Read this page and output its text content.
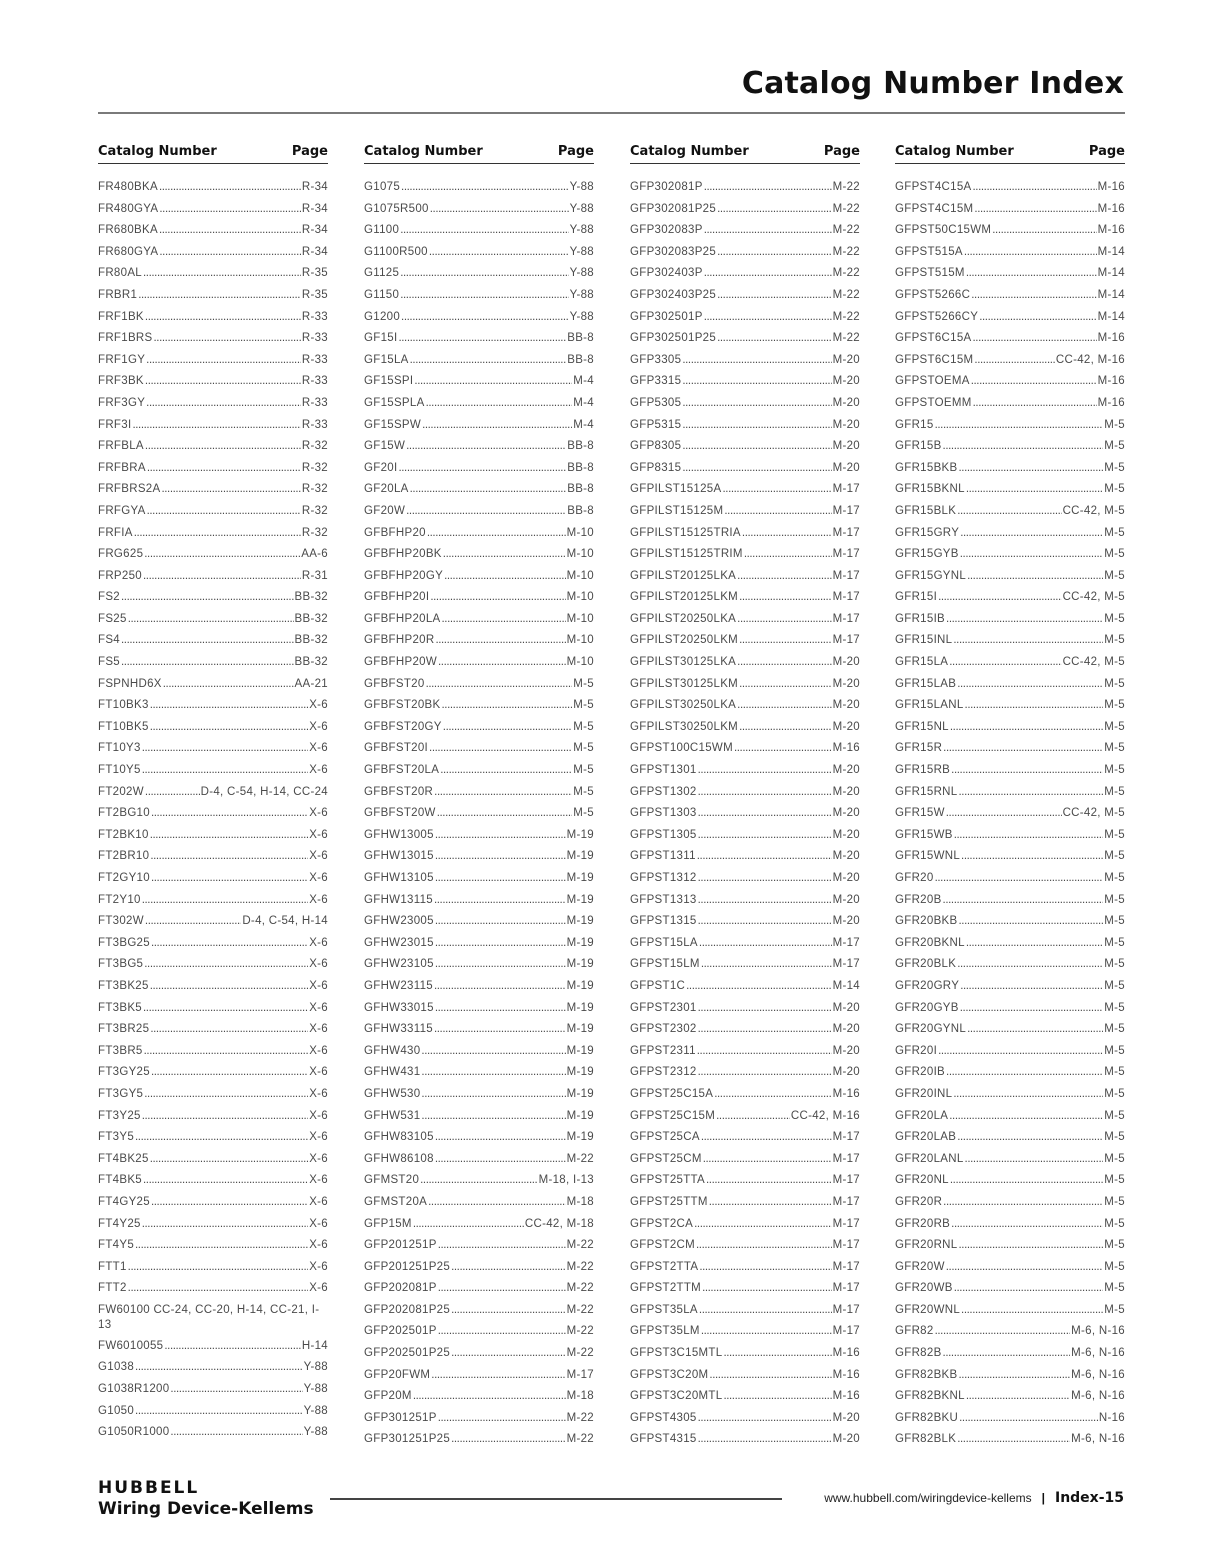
Catalog Number Index
Catalog Number	Page
FR480BKA . . .	R-34
FR480GYA . . .	R-34
FR680BKA . . .	R-34
FR680GYA . . .	R-34
FR80AL . . .	R-35
FRBR1 . . .	R-35
FRF1BK . . .	R-33
FRF1BRS . . .	R-33
FRF1GY . . .	R-33
FRF3BK . . .	R-33
FRF3GY . . .	R-33
FRF3I . . .	R-33
FRFBLA . . .	R-32
FRFBRA . . .	R-32
FRFBRS2A . . .	R-32
FRFGYA . . .	R-32
FRFIA . . .	R-32
FRG625 . . .	AA-6
FRP250 . . .	R-31
FS2 . . .	BB-32
FS25 . . .	BB-32
FS4 . . .	BB-32
FS5 . . .	BB-32
FSPNHD6X . . .	AA-21
FT10BK3 . . .	X-6
FT10BK5 . . .	X-6
FT10Y3 . . .	X-6
FT10Y5 . . .	X-6
FT202W . . .	D-4, C-54, H-14, CC-24
FT2BG10 . . .	X-6
FT2BK10 . . .	X-6
FT2BR10 . . .	X-6
FT2GY10 . . .	X-6
FT2Y10 . . .	X-6
FT302W . . .	D-4, C-54, H-14
FT3BG25 . . .	X-6
FT3BG5 . . .	X-6
FT3BK25 . . .	X-6
FT3BK5 . . .	X-6
FT3BR25 . . .	X-6
FT3BR5 . . .	X-6
FT3GY25 . . .	X-6
FT3GY5 . . .	X-6
FT3Y25 . . .	X-6
FT3Y5 . . .	X-6
FT4BK25 . . .	X-6
FT4BK5 . . .	X-6
FT4GY25 . . .	X-6
FT4Y25 . . .	X-6
FT4Y5 . . .	X-6
FTT1 . . .	X-6
FTT2 . . .	X-6
FW60100 CC-24, CC-20, H-14, CC-21, I-13
FW6010055 . . .	H-14
G1038 . . .	Y-88
G1038R1200 . . .	Y-88
G1050 . . .	Y-88
G1050R1000 . . .	Y-88
Catalog Number	Page
G1075 . . .	Y-88
G1075R500 . . .	Y-88
G1100 . . .	Y-88
G1100R500 . . .	Y-88
G1125 . . .	Y-88
G1150 . . .	Y-88
G1200 . . .	Y-88
GF15I . . .	BB-8
GF15LA . . .	BB-8
GF15SPI . . .	M-4
GF15SPLA . . .	M-4
GF15SPW . . .	M-4
GF15W . . .	BB-8
GF20I . . .	BB-8
GF20LA . . .	BB-8
GF20W . . .	BB-8
GFBFHP20 . . .	M-10
GFBFHP20BK . . .	M-10
GFBFHP20GY . . .	M-10
GFBFHP20I . . .	M-10
GFBFHP20LA . . .	M-10
GFBFHP20R . . .	M-10
GFBFHP20W . . .	M-10
GFBFST20 . . .	M-5
GFBFST20BK . . .	M-5
GFBFST20GY . . .	M-5
GFBFST20I . . .	M-5
GFBFST20LA . . .	M-5
GFBFST20R . . .	M-5
GFBFST20W . . .	M-5
GFHW13005 . . .	M-19
GFHW13015 . . .	M-19
GFHW13105 . . .	M-19
GFHW13115 . . .	M-19
GFHW23005 . . .	M-19
GFHW23015 . . .	M-19
GFHW23105 . . .	M-19
GFHW23115 . . .	M-19
GFHW33015 . . .	M-19
GFHW33115 . . .	M-19
GFHW430 . . .	M-19
GFHW431 . . .	M-19
GFHW530 . . .	M-19
GFHW531 . . .	M-19
GFHW83105 . . .	M-19
GFHW86108 . . .	M-22
GFMST20 . . .	M-18, I-13
GFMST20A . . .	M-18
GFP15M . . .	CC-42, M-18
GFP201251P . . .	M-22
GFP201251P25 . . .	M-22
GFP202081P . . .	M-22
GFP202081P25 . . .	M-22
GFP202501P . . .	M-22
GFP202501P25 . . .	M-22
GFP20FWM . . .	M-17
GFP20M . . .	M-18
GFP301251P . . .	M-22
GFP301251P25 . . .	M-22
Catalog Number	Page
GFP302081P . . .	M-22
GFP302081P25 . . .	M-22
GFP302083P . . .	M-22
GFP302083P25 . . .	M-22
GFP302403P . . .	M-22
GFP302403P25 . . .	M-22
GFP302501P . . .	M-22
GFP302501P25 . . .	M-22
GFP3305 . . .	M-20
GFP3315 . . .	M-20
GFP5305 . . .	M-20
GFP5315 . . .	M-20
GFP8305 . . .	M-20
GFP8315 . . .	M-20
GFPILST15125A . . .	M-17
GFPILST15125M . . .	M-17
GFPILST15125TRIA . . .	M-17
GFPILST15125TRIM . . .	M-17
GFPILST20125LKA . . .	M-17
GFPILST20125LKM . . .	M-17
GFPILST20250LKA . . .	M-17
GFPILST20250LKM . . .	M-17
GFPILST30125LKA . . .	M-20
GFPILST30125LKM . . .	M-20
GFPILST30250LKA . . .	M-20
GFPILST30250LKM . . .	M-20
GFPST100C15WM . . .	M-16
GFPST1301 . . .	M-20
GFPST1302 . . .	M-20
GFPST1303 . . .	M-20
GFPST1305 . . .	M-20
GFPST1311 . . .	M-20
GFPST1312 . . .	M-20
GFPST1313 . . .	M-20
GFPST1315 . . .	M-20
GFPST15LA . . .	M-17
GFPST15LM . . .	M-17
GFPST1C . . .	M-14
GFPST2301 . . .	M-20
GFPST2302 . . .	M-20
GFPST2311 . . .	M-20
GFPST2312 . . .	M-20
GFPST25C15A . . .	M-16
GFPST25C15M . . .	CC-42, M-16
GFPST25CA . . .	M-17
GFPST25CM . . .	M-17
GFPST25TTA . . .	M-17
GFPST25TTM . . .	M-17
GFPST2CA . . .	M-17
GFPST2CM . . .	M-17
GFPST2TTA . . .	M-17
GFPST2TTM . . .	M-17
GFPST35LA . . .	M-17
GFPST35LM . . .	M-17
GFPST3C15MTL . . .	M-16
GFPST3C20M . . .	M-16
GFPST3C20MTL . . .	M-16
GFPST4305 . . .	M-20
GFPST4315 . . .	M-20
Catalog Number	Page
GFPST4C15A . . .	M-16
GFPST4C15M . . .	M-16
GFPST50C15WM . . .	M-16
GFPST515A . . .	M-14
GFPST515M . . .	M-14
GFPST5266C . . .	M-14
GFPST5266CY . . .	M-14
GFPST6C15A . . .	M-16
GFPST6C15M . . .	CC-42, M-16
GFPSTOEMA . . .	M-16
GFPSTOEMM . . .	M-16
GFR15 . . .	M-5
GFR15B . . .	M-5
GFR15BKB . . .	M-5
GFR15BKNL . . .	M-5
GFR15BLK . . .	CC-42, M-5
GFR15GRY . . .	M-5
GFR15GYB . . .	M-5
GFR15GYNL . . .	M-5
GFR15I . . .	CC-42, M-5
GFR15IB . . .	M-5
GFR15INL . . .	M-5
GFR15LA . . .	CC-42, M-5
GFR15LAB . . .	M-5
GFR15LANL . . .	M-5
GFR15NL . . .	M-5
GFR15R . . .	M-5
GFR15RB . . .	M-5
GFR15RNL . . .	M-5
GFR15W . . .	CC-42, M-5
GFR15WB . . .	M-5
GFR15WNL . . .	M-5
GFR20 . . .	M-5
GFR20B . . .	M-5
GFR20BKB . . .	M-5
GFR20BKNL . . .	M-5
GFR20BLK . . .	M-5
GFR20GRY . . .	M-5
GFR20GYB . . .	M-5
GFR20GYNL . . .	M-5
GFR20I . . .	M-5
GFR20IB . . .	M-5
GFR20INL . . .	M-5
GFR20LA . . .	M-5
GFR20LAB . . .	M-5
GFR20LANL . . .	M-5
GFR20NL . . .	M-5
GFR20R . . .	M-5
GFR20RB . . .	M-5
GFR20RNL . . .	M-5
GFR20W . . .	M-5
GFR20WB . . .	M-5
GFR20WNL . . .	M-5
GFR82 . . .	M-6, N-16
GFR82B . . .	M-6, N-16
GFR82BKB . . .	M-6, N-16
GFR82BKNL . . .	M-6, N-16
GFR82BKU . . .	N-16
GFR82BLK . . .	M-6, N-16
HUBBELL
Wiring Device-Kellems
www.hubbell.com/wiringdevice-kellems | Index-15
